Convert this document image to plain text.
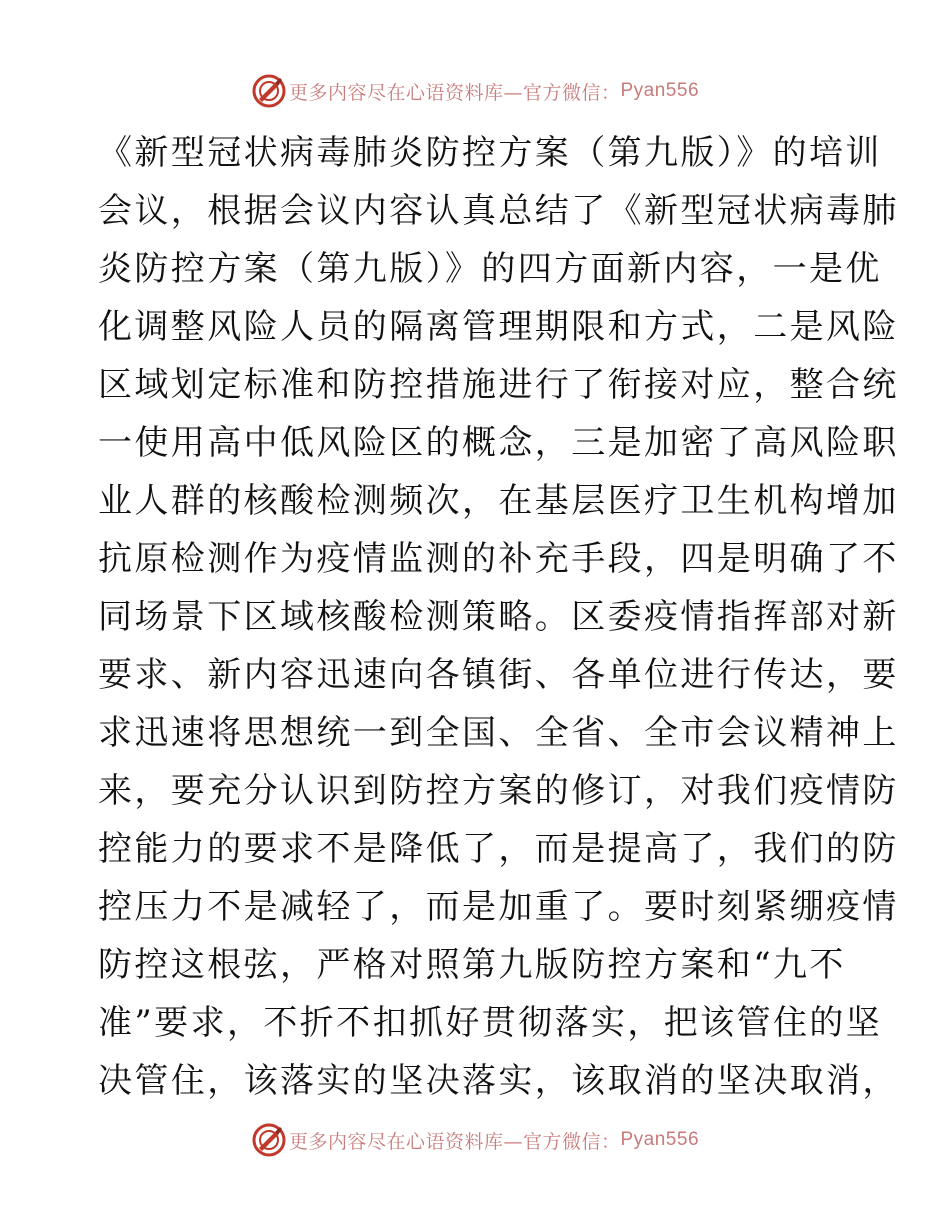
更多内容尽在心语资料库—官方微信： Pyan556
《新型冠状病毒肺炎防控方案（第九版）》的培训
会议，根据会议内容认真总结了《新型冠状病毒肺
炎防控方案（第九版）》的四方面新内容，一是优
化调整风险人员的隔离管理期限和方式，二是风险
区域划定标准和防控措施进行了衔接对应，整合统
一使用高中低风险区的概念，三是加密了高风险职
业人群的核酸检测频次，在基层医疗卫生机构增加
抗原检测作为疫情监测的补充手段，四是明确了不
同场景下区域核酸检测策略。区委疫情指挥部对新
要求、新内容迅速向各镇街、各单位进行传达，要
求迅速将思想统一到全国、全省、全市会议精神上
来，要充分认识到防控方案的修订，对我们疫情防
控能力的要求不是降低了，而是提高了，我们的防
控压力不是减轻了，而是加重了。要时刻紧绷疫情
防控这根弦，严格对照第九版防控方案和“九不
准”要求，不折不扣抓好贯彻落实，把该管住的坚
决管住，该落实的坚决落实，该取消的坚决取消，
更多内容尽在心语资料库—官方微信： Pyan556
